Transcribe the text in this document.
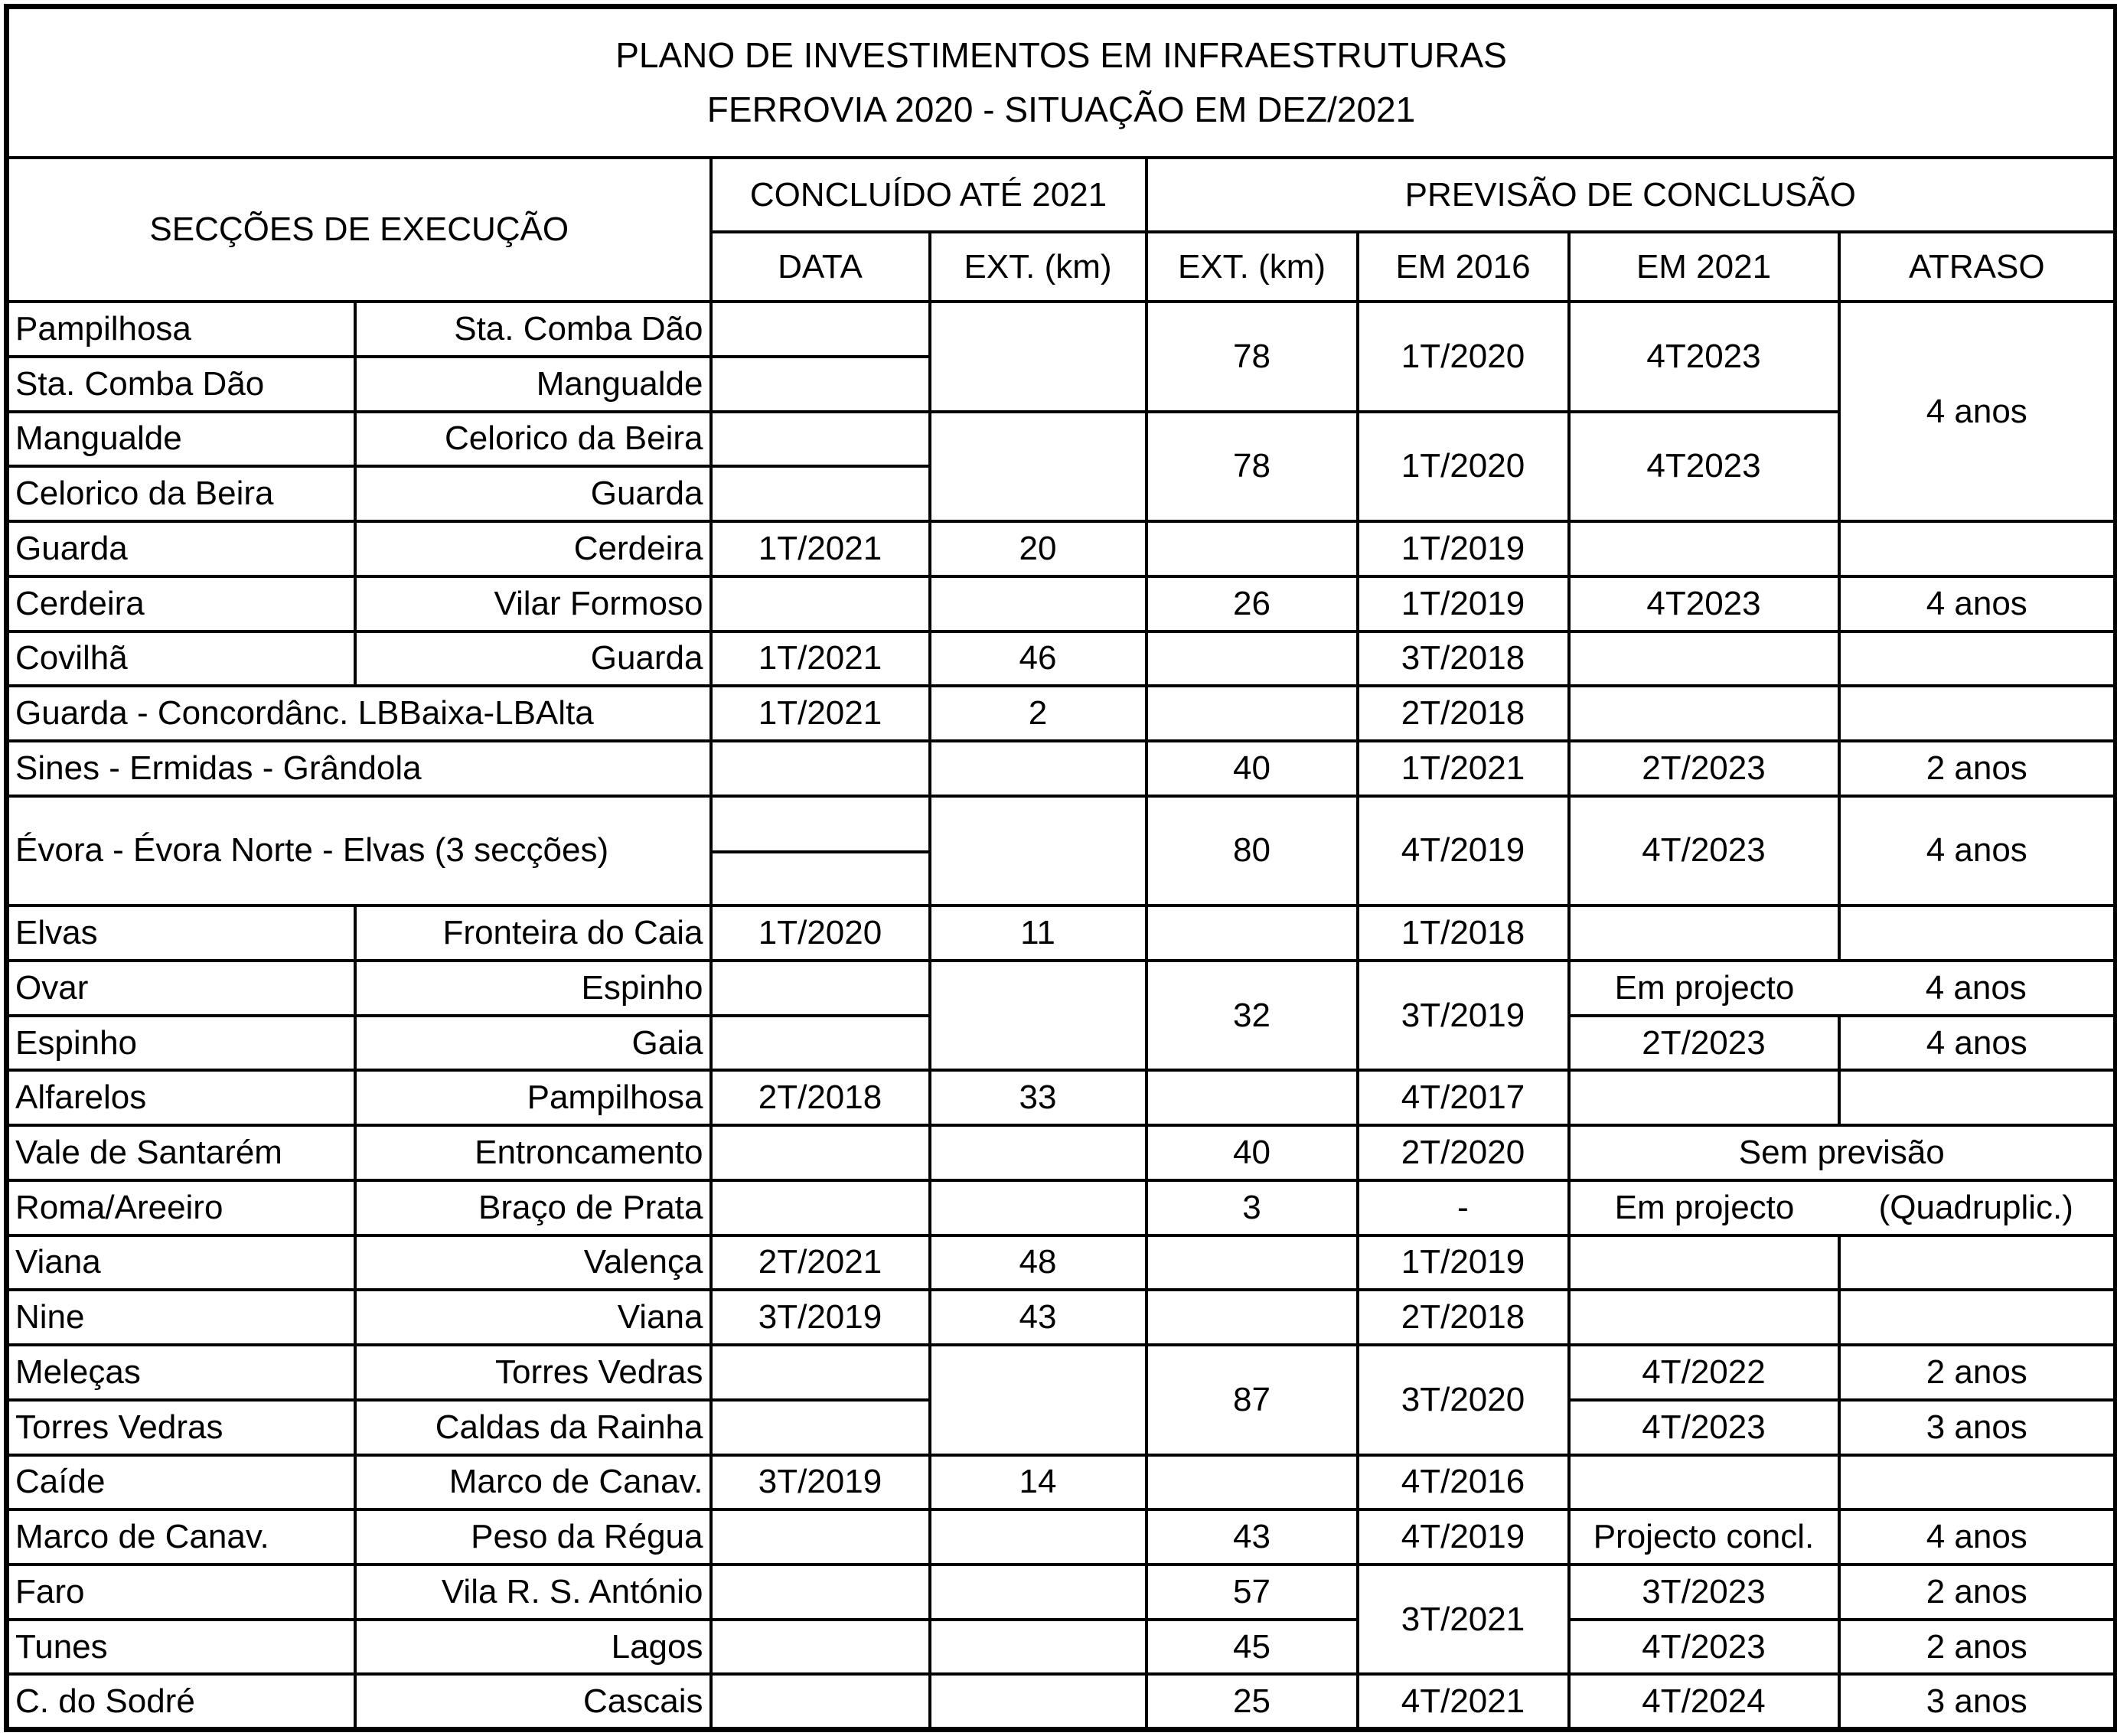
PLANO DE INVESTIMENTOS EM INFRAESTRUTURAS
FERROVIA 2020 - SITUAÇÃO EM DEZ/2021							

SECÇÕES DE EXECUÇÃO		CONCLUÍDO ATÉ 2021		PREVISÃO DE CONCLUSÃO			
		DATA	EXT. (km)	EXT. (km)	EM 2016	EM 2021	ATRASO
Pampilhosa	Sta. Comba Dão			78	1T/2020	4T2023	4 anos
Sta. Comba Dão	Mangualde						
Mangualde	Celorico da Beira			78	1T/2020	4T2023	
Celorico da Beira	Guarda						
Guarda	Cerdeira	1T/2021	20		1T/2019		
Cerdeira	Vilar Formoso			26	1T/2019	4T2023	4 anos
Covilhã	Guarda	1T/2021	46		3T/2018		
Guarda - Concordânc. LBBaixa-LBAlta		1T/2021	2		2T/2018		
Sines - Ermidas - Grândola				40	1T/2021	2T/2023	2 anos
Évora - Évora Norte - Elvas (3 secções)				80	4T/2019	4T/2023	4 anos
Elvas	Fronteira do Caia	1T/2020	11		1T/2018		
Ovar	Espinho			32	3T/2019	Em projecto	4 anos
Espinho	Gaia					2T/2023	4 anos
Alfarelos	Pampilhosa	2T/2018	33		4T/2017		
Vale de Santarém	Entroncamento			40	2T/2020	Sem previsão	
Roma/Areeiro	Braço de Prata			3	-	Em projecto	(Quadruplic.)
Viana	Valença	2T/2021	48		1T/2019		
Nine	Viana	3T/2019	43		2T/2018		
Meleças	Torres Vedras			87	3T/2020	4T/2022	2 anos
Torres Vedras	Caldas da Rainha					4T/2023	3 anos
Caíde	Marco de Canav.	3T/2019	14		4T/2016		
Marco de Canav.	Peso da Régua			43	4T/2019	Projecto concl.	4 anos
Faro	Vila R. S. António			57	3T/2021	3T/2023	2 anos
Tunes	Lagos			45		4T/2023	2 anos
C. do Sodré	Cascais			25	4T/2021	4T/2024	3 anos
